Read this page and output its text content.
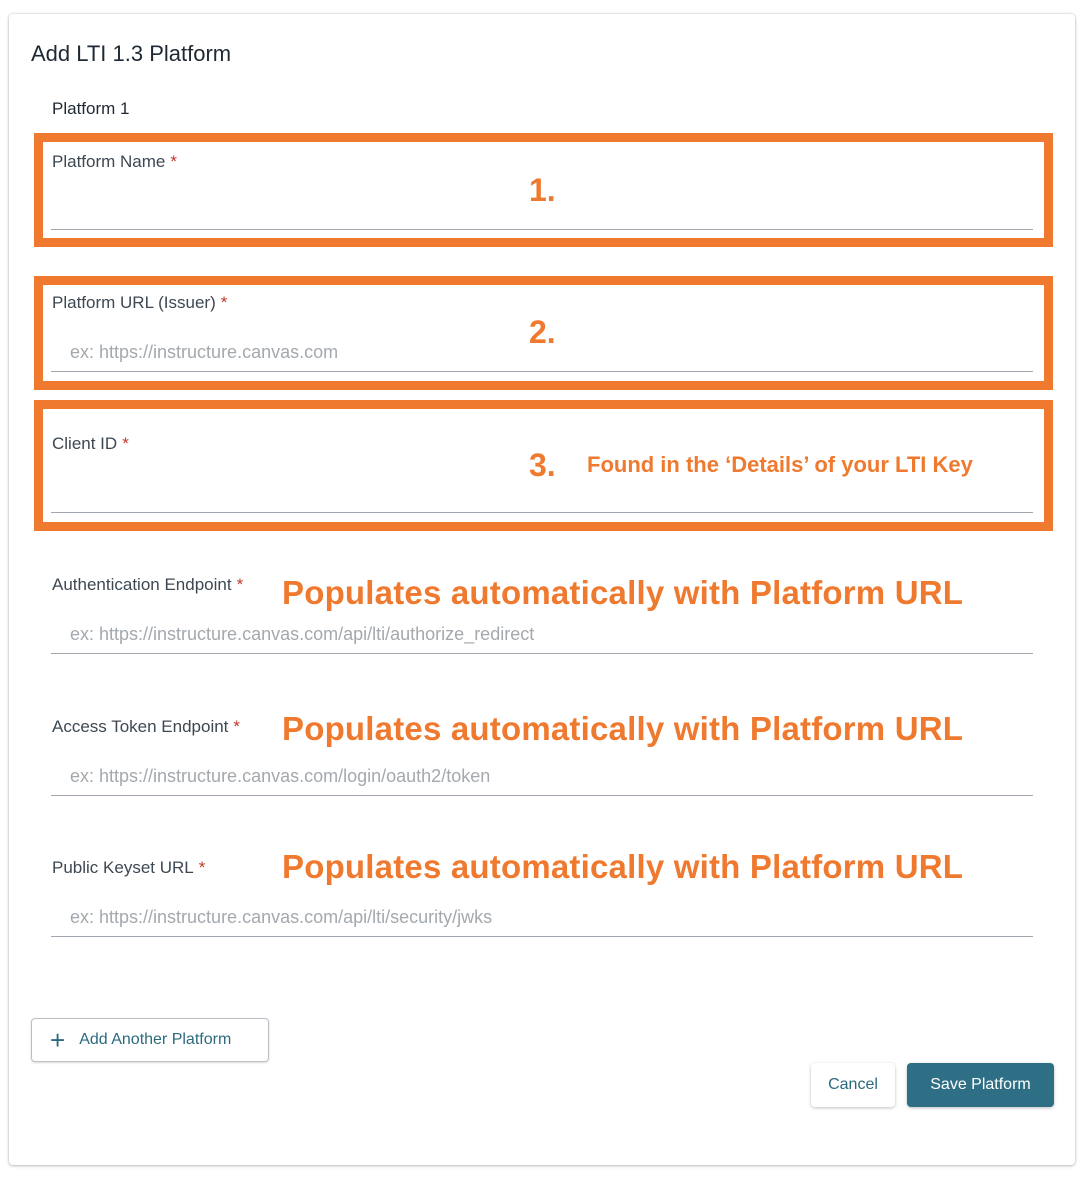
Add LTI 1.3 Platform
Platform 1
Platform Name *
1.
Platform URL (Issuer) *
ex: https://instructure.canvas.com
2.
Client ID *
3. Found in the ‘Details’ of your LTI Key
Authentication Endpoint * Populates automatically with Platform URL
ex: https://instructure.canvas.com/api/lti/authorize_redirect
Access Token Endpoint * Populates automatically with Platform URL
ex: https://instructure.canvas.com/login/oauth2/token
Public Keyset URL * Populates automatically with Platform URL
ex: https://instructure.canvas.com/api/lti/security/jwks
+ Add Another Platform
Cancel	Save Platform
